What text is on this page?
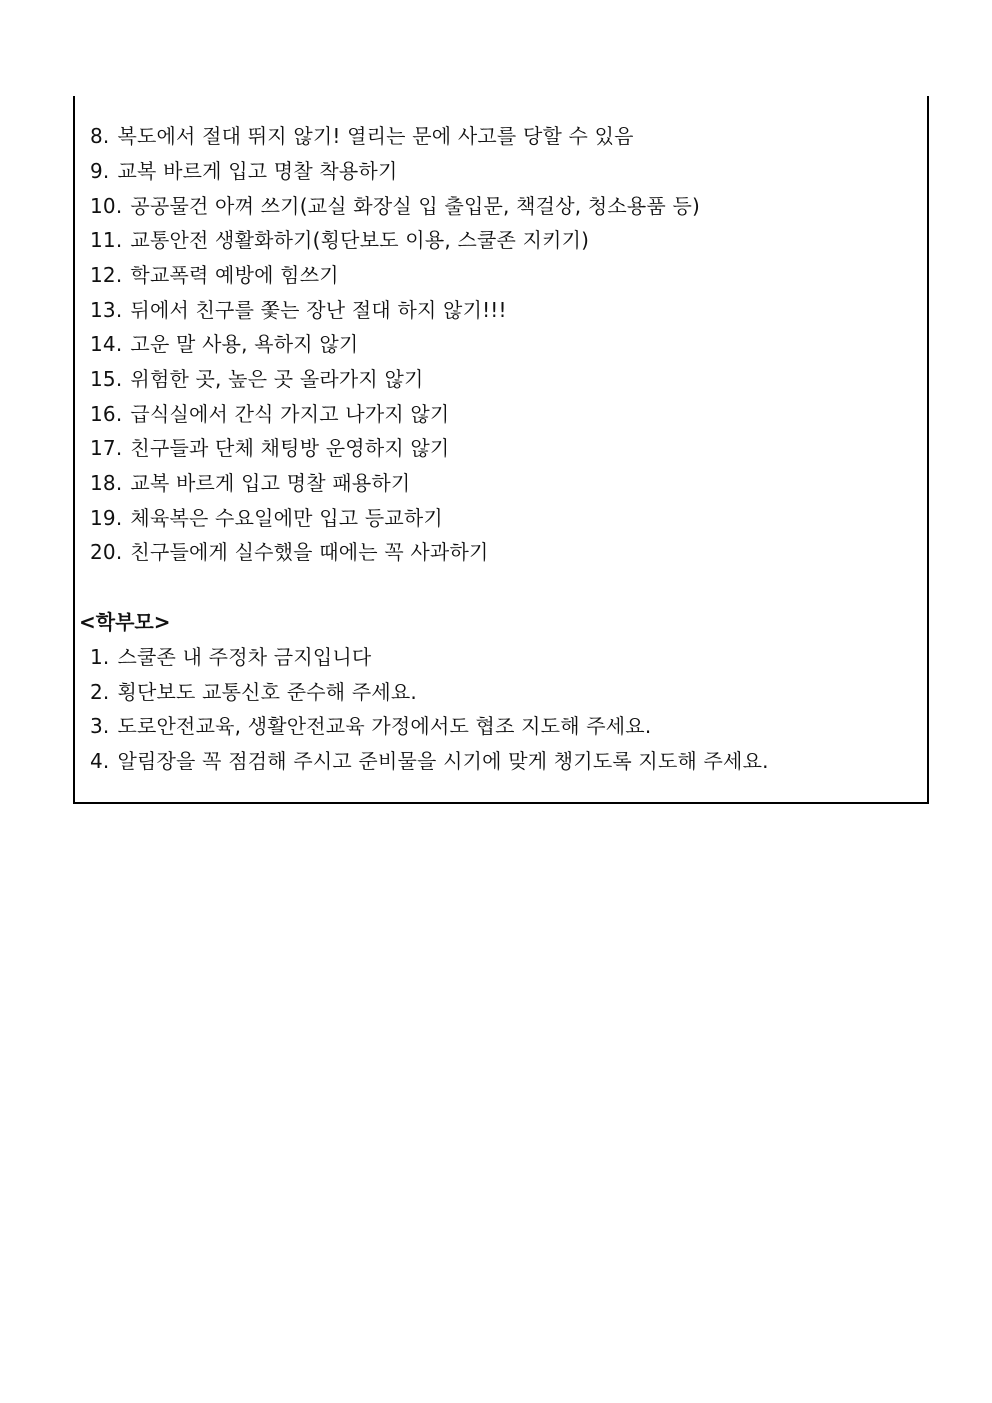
8. 복도에서 절대 뛰지 않기! 열리는 문에 사고를 당할 수 있음
9. 교복 바르게 입고 명찰 착용하기
10. 공공물건 아껴 쓰기(교실 화장실 입 출입문, 책걸상, 청소용품 등)
11. 교통안전 생활화하기(횡단보도 이용, 스쿨존 지키기)
12. 학교폭력 예방에 힘쓰기
13. 뒤에서 친구를 쫓는 장난 절대 하지 않기!!!
14. 고운 말 사용, 욕하지 않기
15. 위험한 곳, 높은 곳 올라가지 않기
16. 급식실에서 간식 가지고 나가지 않기
17. 친구들과 단체 채팅방 운영하지 않기
18. 교복 바르게 입고 명찰 패용하기
19. 체육복은 수요일에만 입고 등교하기
20. 친구들에게 실수했을 때에는 꼭 사과하기
<학부모>
1. 스쿨존 내 주정차 금지입니다
2. 횡단보도 교통신호 준수해 주세요.
3. 도로안전교육, 생활안전교육 가정에서도 협조 지도해 주세요.
4. 알림장을 꼭 점검해 주시고 준비물을 시기에 맞게 챙기도록 지도해 주세요.
